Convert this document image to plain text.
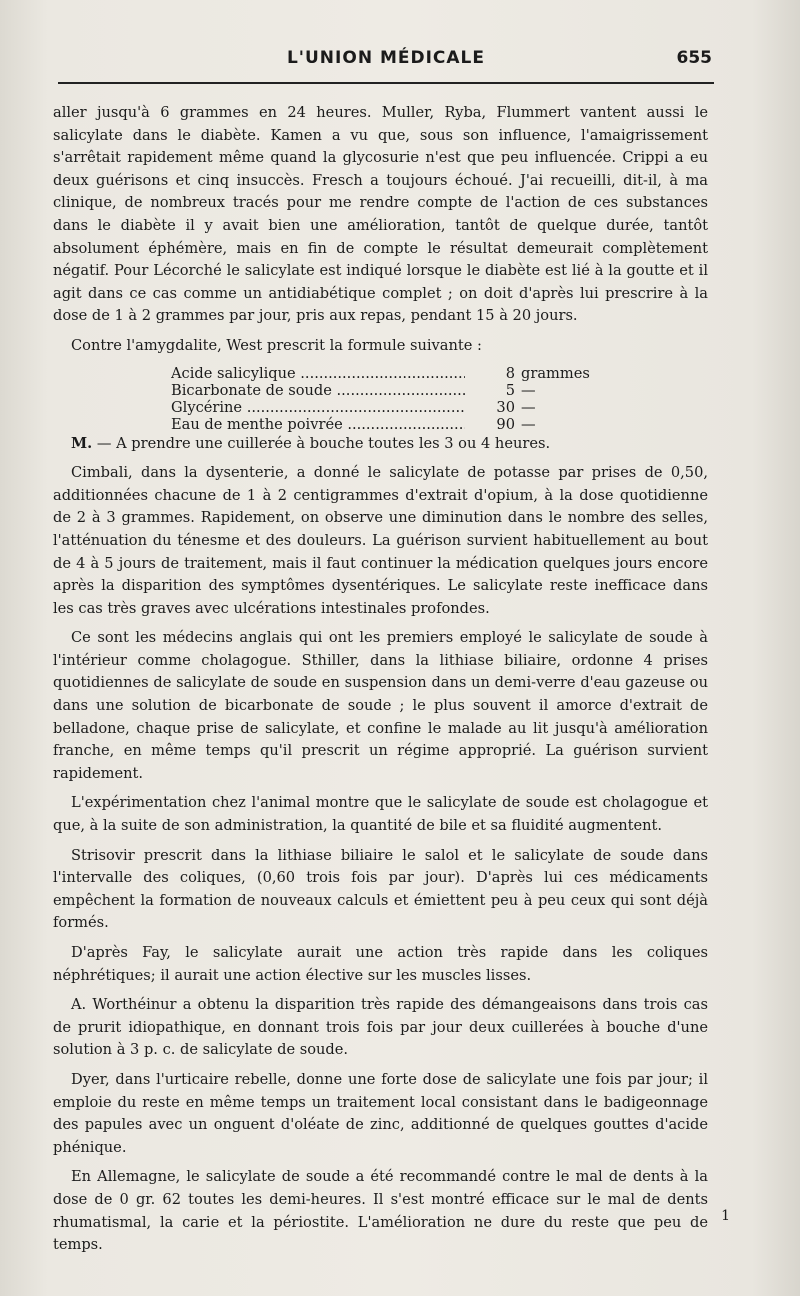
L'UNION MÉDICALE	655

aller jusqu'à 6 grammes en 24 heures. Muller, Ryba, Flummert vantent aussi le salicylate dans le diabète. Kamen a vu que, sous son influence, l'amaigrissement s'arrêtait rapidement même quand la glycosurie n'est que peu influencée. Crippi a eu deux guérisons et cinq insuccès. Fresch a toujours échoué. J'ai recueilli, dit-il, à ma clinique, de nombreux tracés pour me rendre compte de l'action de ces substances dans le diabète il y avait bien une amélioration, tantôt de quelque durée, tantôt absolument éphémère, mais en fin de compte le résultat demeurait complètement négatif. Pour Lécorché le salicylate est indiqué lorsque le diabète est lié à la goutte et il agit dans ce cas comme un antidiabétique complet ; on doit d'après lui prescrire à la dose de 1 à 2 grammes par jour, pris aux repas, pendant 15 à 20 jours.

Contre l'amygdalite, West prescrit la formule suivante :

Acide salicylique .....	8 grammes
Bicarbonate de soude .....	5 —
Glycérine .....	30 —
Eau de menthe poivrée .....	90 —

M. — A prendre une cuillerée à bouche toutes les 3 ou 4 heures.

Cimbali, dans la dysenterie, a donné le salicylate de potasse par prises de 0,50, additionnées chacune de 1 à 2 centigrammes d'extrait d'opium, à la dose quotidienne de 2 à 3 grammes. Rapidement, on observe une diminution dans le nombre des selles, l'atténuation du ténesme et des douleurs. La guérison survient habituellement au bout de 4 à 5 jours de traitement, mais il faut continuer la médication quelques jours encore après la disparition des symptômes dysentériques. Le salicylate reste inefficace dans les cas très graves avec ulcérations intestinales profondes.

Ce sont les médecins anglais qui ont les premiers employé le salicylate de soude à l'intérieur comme cholagogue. Sthiller, dans la lithiase biliaire, ordonne 4 prises quotidiennes de salicylate de soude en suspension dans un demi-verre d'eau gazeuse ou dans une solution de bicarbonate de soude ; le plus souvent il amorce d'extrait de belladone, chaque prise de salicylate, et confine le malade au lit jusqu'à amélioration franche, en même temps qu'il prescrit un régime approprié. La guérison survient rapidement.

L'expérimentation chez l'animal montre que le salicylate de soude est cholagogue et que, à la suite de son administration, la quantité de bile et sa fluidité augmentent.

Strisovir prescrit dans la lithiase biliaire le salol et le salicylate de soude dans l'intervalle des coliques, (0,60 trois fois par jour). D'après lui ces médicaments empêchent la formation de nouveaux calculs et émiettent peu à peu ceux qui sont déjà formés.

D'après Fay, le salicylate aurait une action très rapide dans les coliques néphrétiques; il aurait une action élective sur les muscles lisses.

A. Worthéinur a obtenu la disparition très rapide des démangeaisons dans trois cas de prurit idiopathique, en donnant trois fois par jour deux cuillerées à bouche d'une solution à 3 p. c. de salicylate de soude.

Dyer, dans l'urticaire rebelle, donne une forte dose de salicylate une fois par jour; il emploie du reste en même temps un traitement local consistant dans le badigeonnage des papules avec un onguent d'oléate de zinc, additionné de quelques gouttes d'acide phénique.

En Allemagne, le salicylate de soude a été recommandé contre le mal de dents à la dose de 0 gr. 62 toutes les demi-heures. Il s'est montré efficace sur le mal de dents rhumatismal, la carie et la périostite. L'amélioration ne dure du reste que peu de temps.

1
